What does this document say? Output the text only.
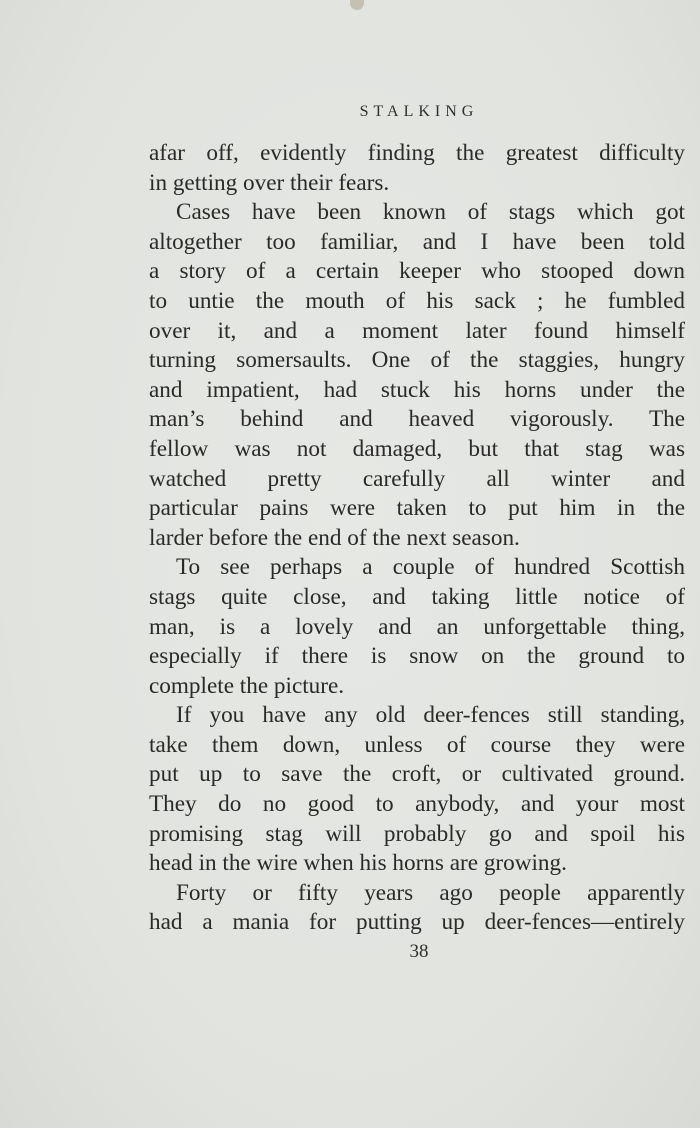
STALKING
afar off, evidently finding the greatest difficulty
in getting over their fears.
Cases have been known of stags which got
altogether too familiar, and I have been told
a story of a certain keeper who stooped down
to untie the mouth of his sack ; he fumbled
over it, and a moment later found himself
turning somersaults. One of the staggies, hungry
and impatient, had stuck his horns under the
man’s behind and heaved vigorously. The
fellow was not damaged, but that stag was
watched pretty carefully all winter and
particular pains were taken to put him in the
larder before the end of the next season.
To see perhaps a couple of hundred Scottish
stags quite close, and taking little notice of
man, is a lovely and an unforgettable thing,
especially if there is snow on the ground to
complete the picture.
If you have any old deer-fences still standing,
take them down, unless of course they were
put up to save the croft, or cultivated ground.
They do no good to anybody, and your most
promising stag will probably go and spoil his
head in the wire when his horns are growing.
Forty or fifty years ago people apparently
had a mania for putting up deer-fences—entirely
38
